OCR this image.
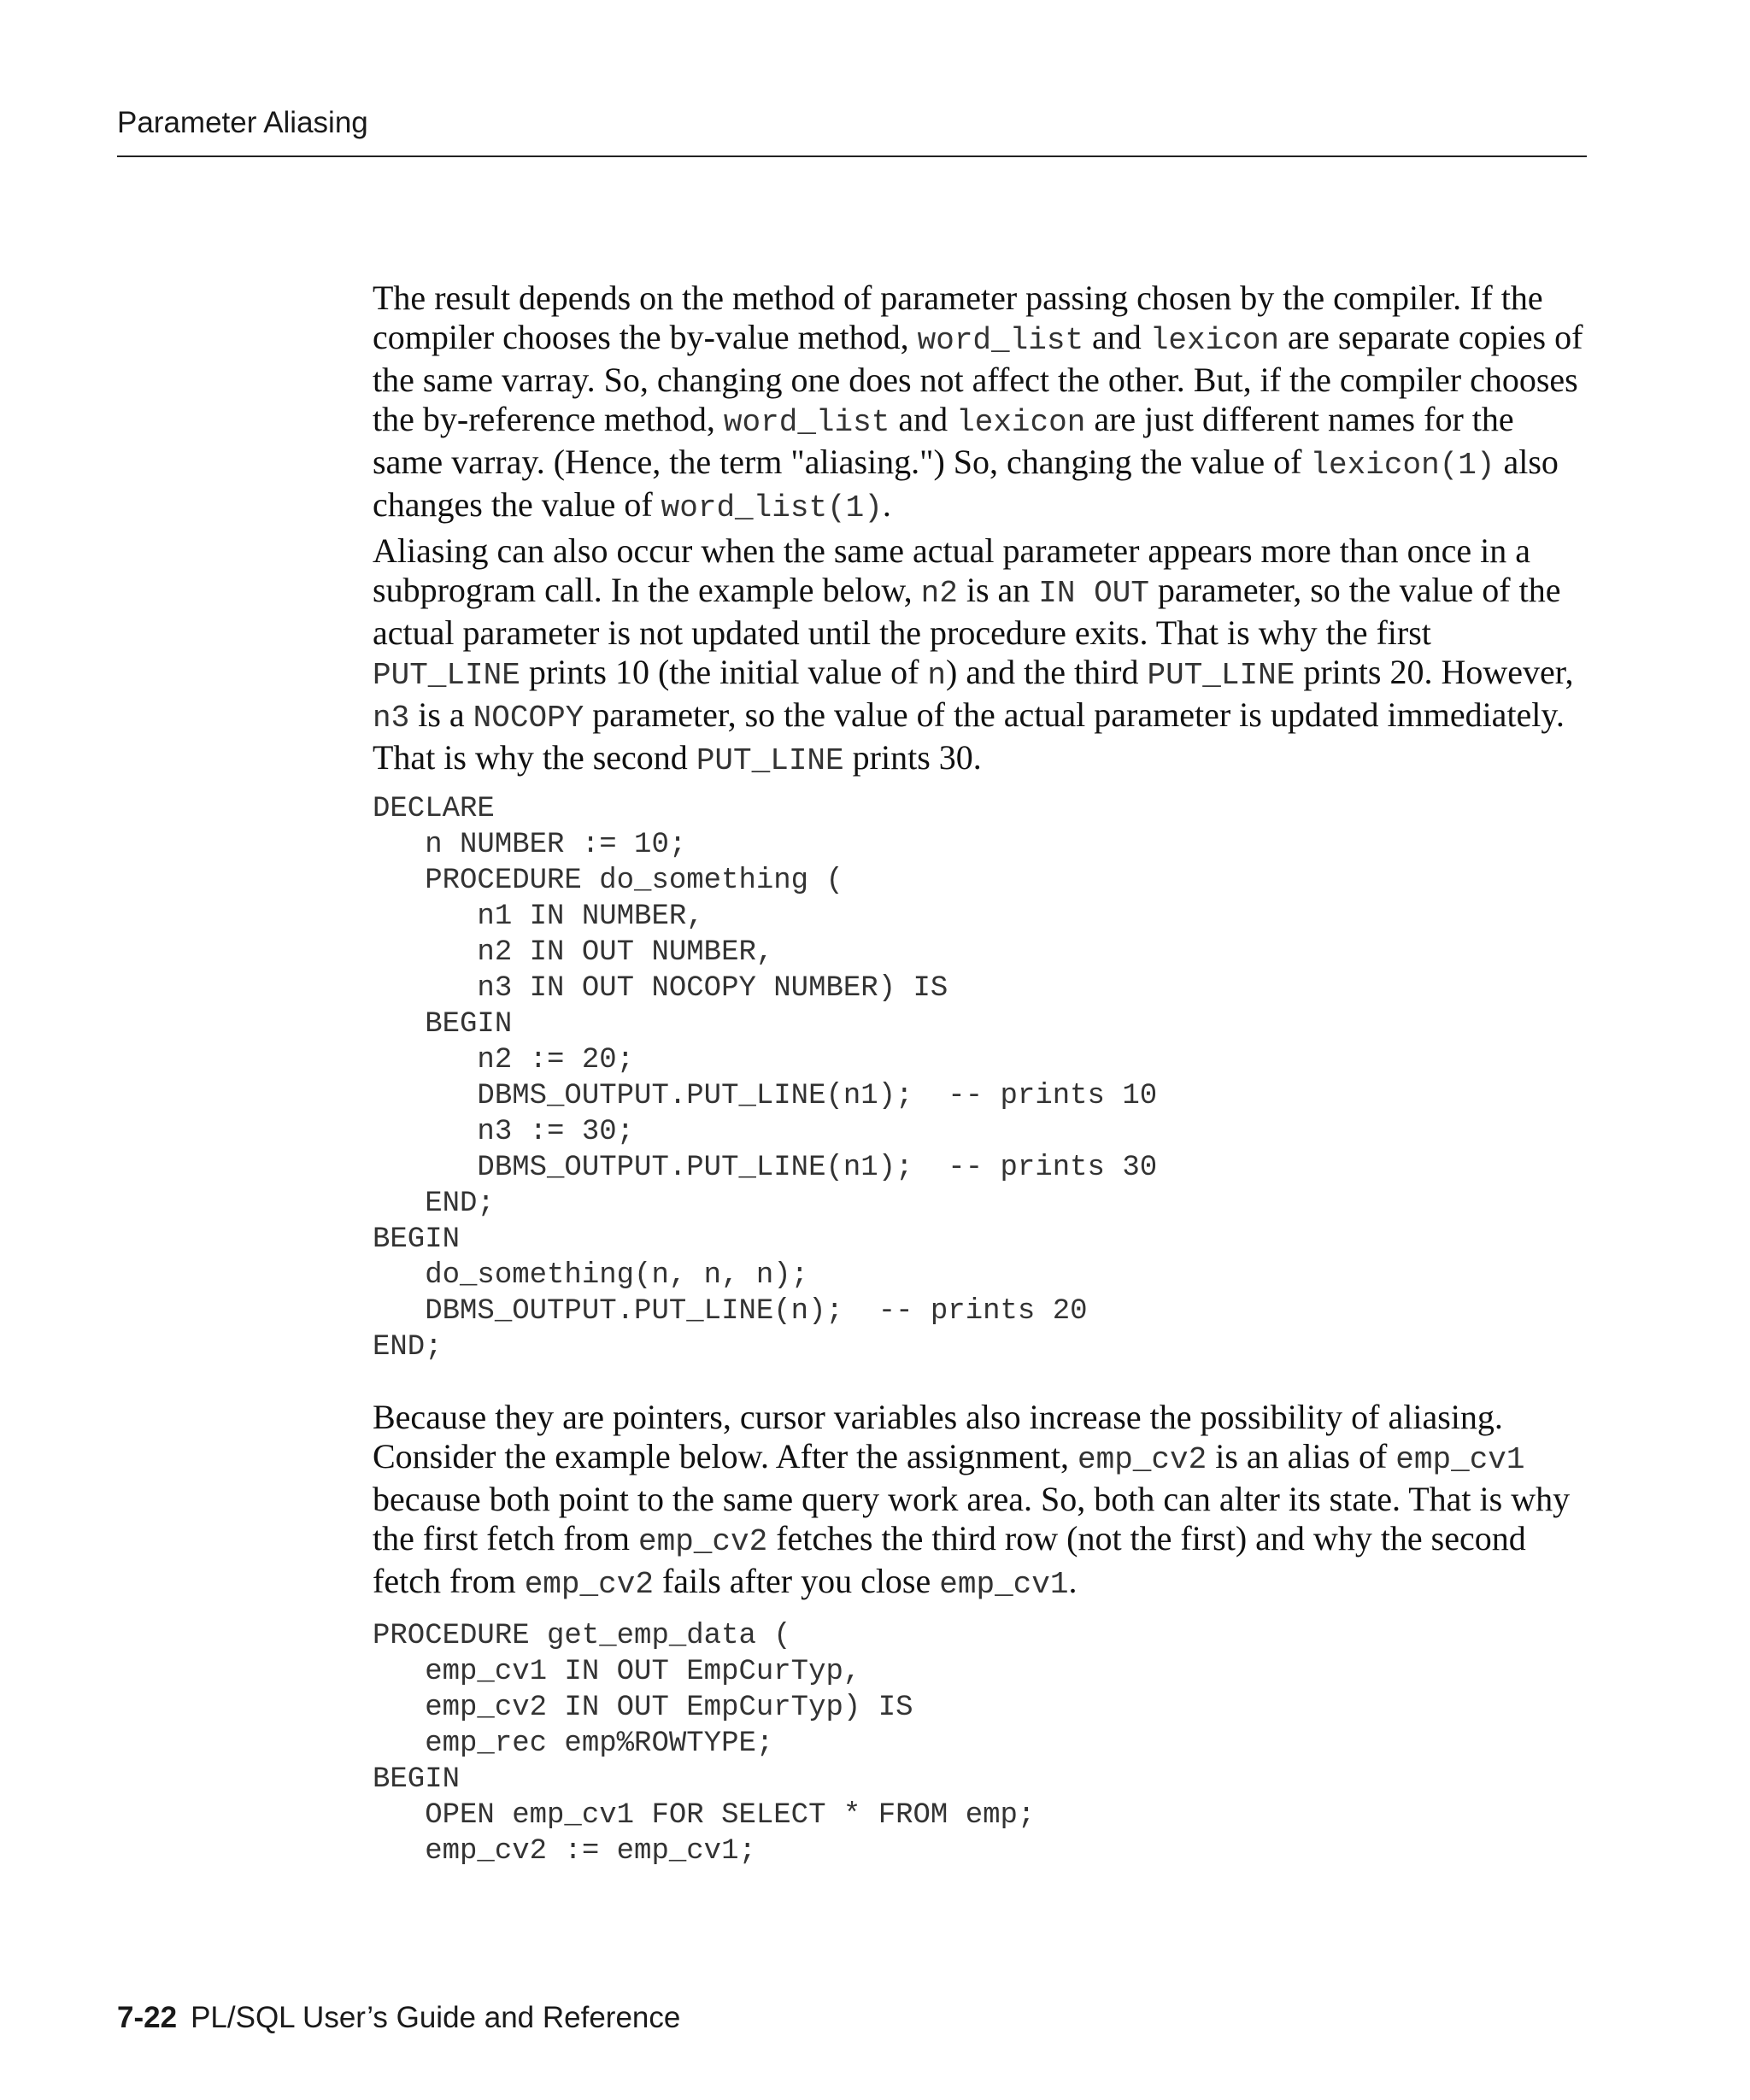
Parameter Aliasing

The result depends on the method of parameter passing chosen by the compiler. If the compiler chooses the by-value method, word_list and lexicon are separate copies of the same varray. So, changing one does not affect the other. But, if the compiler chooses the by-reference method, word_list and lexicon are just different names for the same varray. (Hence, the term "aliasing.") So, changing the value of lexicon(1) also changes the value of word_list(1).

Aliasing can also occur when the same actual parameter appears more than once in a subprogram call. In the example below, n2 is an IN OUT parameter, so the value of the actual parameter is not updated until the procedure exits. That is why the first PUT_LINE prints 10 (the initial value of n) and the third PUT_LINE prints 20. However, n3 is a NOCOPY parameter, so the value of the actual parameter is updated immediately. That is why the second PUT_LINE prints 30.

DECLARE
n NUMBER := 10;
PROCEDURE do_something (
n1 IN NUMBER,
n2 IN OUT NUMBER,
n3 IN OUT NOCOPY NUMBER) IS
BEGIN
n2 := 20;
DBMS_OUTPUT.PUT_LINE(n1);  -- prints 10
n3 := 30;
DBMS_OUTPUT.PUT_LINE(n1);  -- prints 30
END;
BEGIN
do_something(n, n, n);
DBMS_OUTPUT.PUT_LINE(n);  -- prints 20
END;

Because they are pointers, cursor variables also increase the possibility of aliasing. Consider the example below. After the assignment, emp_cv2 is an alias of emp_cv1 because both point to the same query work area. So, both can alter its state. That is why the first fetch from emp_cv2 fetches the third row (not the first) and why the second fetch from emp_cv2 fails after you close emp_cv1.

PROCEDURE get_emp_data (
emp_cv1 IN OUT EmpCurTyp,
emp_cv2 IN OUT EmpCurTyp) IS
emp_rec emp%ROWTYPE;
BEGIN
OPEN emp_cv1 FOR SELECT * FROM emp;
emp_cv2 := emp_cv1;
7-22 PL/SQL User’s Guide and Reference
